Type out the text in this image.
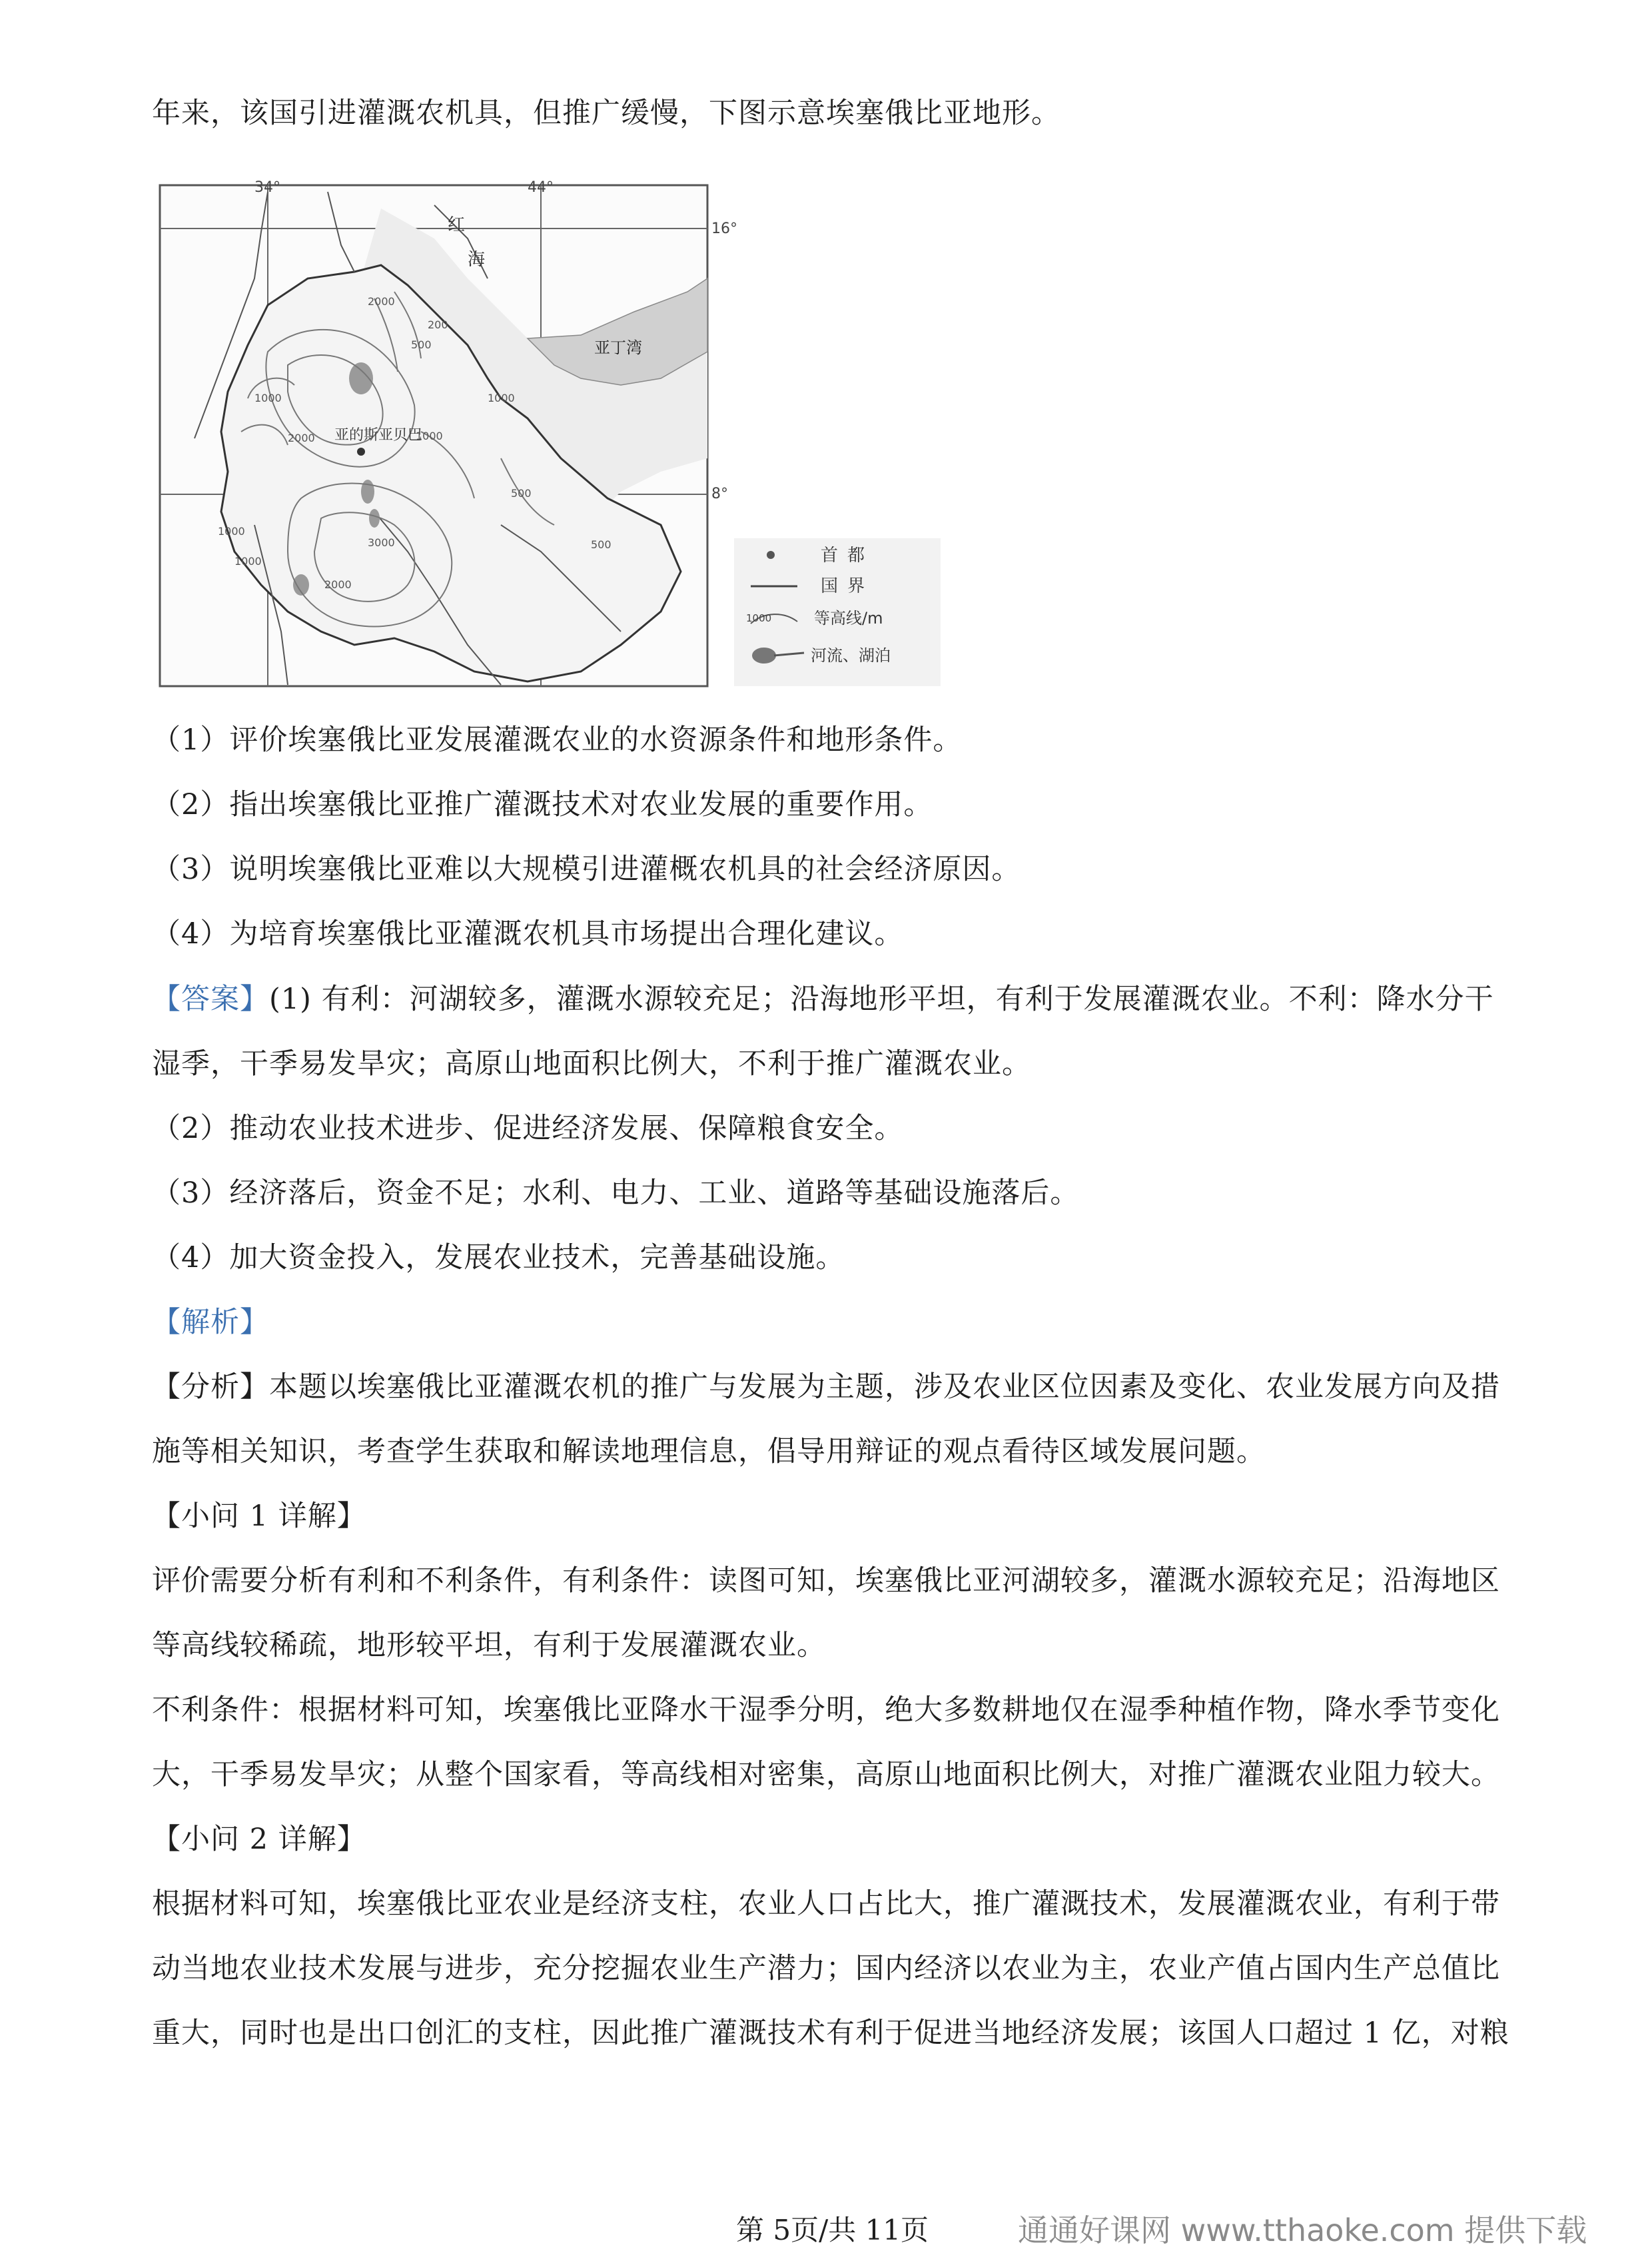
年来，该国引进灌溉农机具，但推广缓慢，下图示意埃塞俄比亚地形。
34°	44°
16°
8°
红
海
亚丁湾
亚的斯亚贝巴
2000
200
500
1000
2000
500
1000
1000
1000
3000	500
2000
1000	首都
国界
1000	等高线/m
河流、湖泊
（1）评价埃塞俄比亚发展灌溉农业的水资源条件和地形条件。
（2）指出埃塞俄比亚推广灌溉技术对农业发展的重要作用。
（3）说明埃塞俄比亚难以大规模引进灌概农机具的社会经济原因。
（4）为培育埃塞俄比亚灌溉农机具市场提出合理化建议。
【答案】(1) 有利：河湖较多，灌溉水源较充足；沿海地形平坦，有利于发展灌溉农业。不利：降水分干
湿季，干季易发旱灾；高原山地面积比例大，不利于推广灌溉农业。
（2）推动农业技术进步、促进经济发展、保障粮食安全。
（3）经济落后，资金不足；水利、电力、工业、道路等基础设施落后。
（4）加大资金投入，发展农业技术，完善基础设施。
【解析】
【分析】本题以埃塞俄比亚灌溉农机的推广与发展为主题，涉及农业区位因素及变化、农业发展方向及措
施等相关知识，考查学生获取和解读地理信息，倡导用辩证的观点看待区域发展问题。
【小问 1 详解】
评价需要分析有利和不利条件，有利条件：读图可知，埃塞俄比亚河湖较多，灌溉水源较充足；沿海地区
等高线较稀疏，地形较平坦，有利于发展灌溉农业。
不利条件：根据材料可知，埃塞俄比亚降水干湿季分明，绝大多数耕地仅在湿季种植作物，降水季节变化
大，干季易发旱灾；从整个国家看，等高线相对密集，高原山地面积比例大，对推广灌溉农业阻力较大。
【小问 2 详解】
根据材料可知，埃塞俄比亚农业是经济支柱，农业人口占比大，推广灌溉技术，发展灌溉农业，有利于带
动当地农业技术发展与进步，充分挖掘农业生产潜力；国内经济以农业为主，农业产值占国内生产总值比
重大，同时也是出口创汇的支柱，因此推广灌溉技术有利于促进当地经济发展；该国人口超过 1 亿，对粮
第 5页/共 11页	通通好课网 www.tthaoke.com 提供下载
